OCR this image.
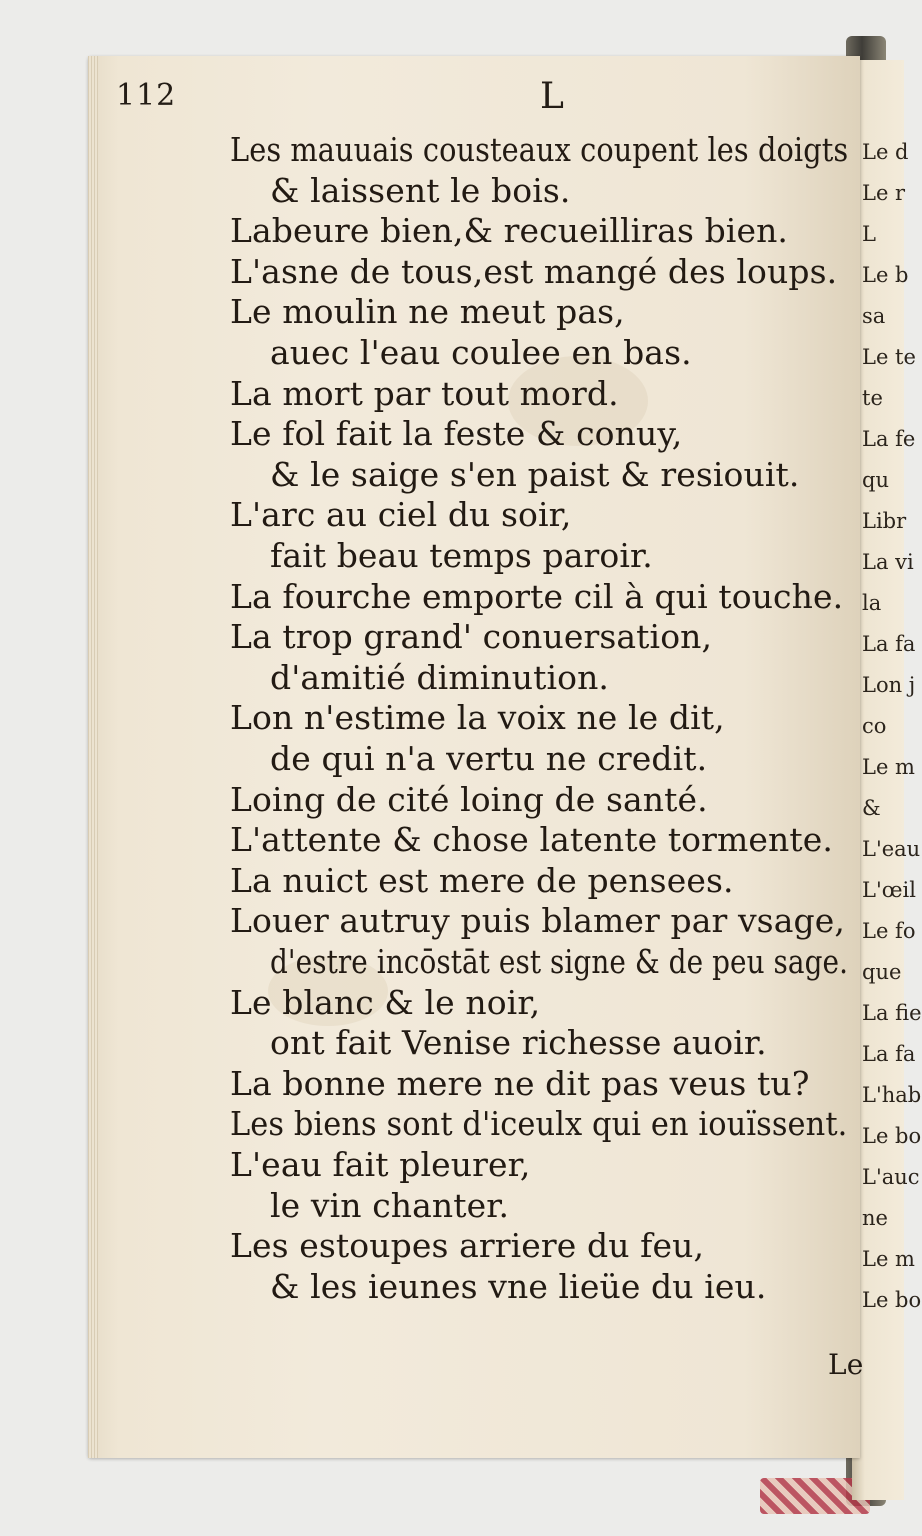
Le d
Le r
L
Le b
sa
Le te
te
La fe
qu
Libr
La vi
la
La fa
Lon j
co
Le m
&
L'eau
L'œil
Le fo
que
La fie
La fa
L'hab
Le bo
L'auc
ne
Le m
Le bo
112	L
Les mauuais cousteaux coupent les doigts
& laissent le bois.
Labeure bien,& recueilliras bien.
L'asne de tous,est mangé des loups.
Le moulin ne meut pas,
auec l'eau coulee en bas.
La mort par tout mord.
Le fol fait la feste & conuy,
& le saige s'en paist & resiouit.
L'arc au ciel du soir,
fait beau temps paroir.
La fourche emporte cil à qui touche.
La trop grand' conuersation,
d'amitié diminution.
Lon n'estime la voix ne le dit,
de qui n'a vertu ne credit.
Loing de cité loing de santé.
L'attente & chose latente tormente.
La nuict est mere de pensees.
Louer autruy puis blamer par vsage,
d'estre incōstāt est signe & de peu sage.
Le blanc & le noir,
ont fait Venise richesse auoir.
La bonne mere ne dit pas veus tu?
Les biens sont d'iceulx qui en iouïssent.
L'eau fait pleurer,
le vin chanter.
Les estoupes arriere du feu,
& les ieunes vne lieüe du ieu.
Le
